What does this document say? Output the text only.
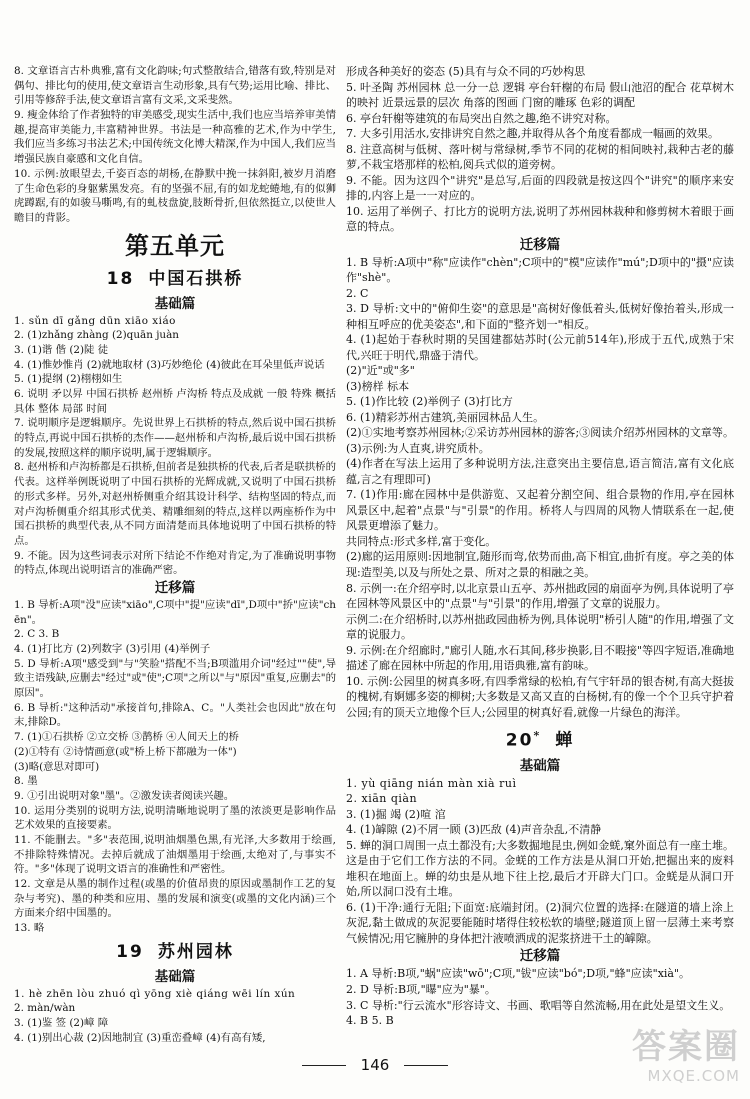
8. 文章语言古朴典雅,富有文化韵味;句式整散结合,错落有致,特别是对偶句、排比句的使用,使文章语言生动形象,具有气势;运用比喻、排比、引用等修辞手法,使文章语言富有文采,文采斐然。

9. 瘦金体给了作者独特的审美感受,现实生活中,我们也应当培养审美情趣,提高审美能力,丰富精神世界。书法是一种高雅的艺术,作为中学生,我们应当多练习书法艺术;中国传统文化博大精深,作为中国人,我们应当增强民族自豪感和文化自信。

10. 示例:放眼望去,千姿百态的胡杨,在静默中挽一抹斜阳,被岁月消磨了生命色彩的身躯紫黑发亮。有的坚强不屈,有的如龙蛇蜷地,有的似狮虎蹲踞,有的如骏马嘶鸣,有的虬枝盘旋,肢断骨折,但依然挺立,以使世人瞻目的背影。

第五单元
18 中国石拱桥
基础篇

1. sǔn dī gǎng dūn xiāo xiáo

2. (1)zhǎng zhàng (2)quān juàn

3. (1)谐 偕 (2)陡 徒

4. (1)惟妙惟肖 (2)就地取材 (3)巧妙绝伦 (4)彼此在耳朵里低声说话

5. (1)提纲 (2)栩栩如生

6. 说明 矛以昇 中国石拱桥 赵州桥 卢沟桥 特点及成就 一般 特殊 概括 具体 整体 局部 时间

7. 说明顺序是逻辑顺序。先说世界上石拱桥的特点,然后说中国石拱桥的特点,再说中国石拱桥的杰作——赵州桥和卢沟桥,最后说中国石拱桥的发展,按照这样的顺序说明,属于逻辑顺序。

8. 赵州桥和卢沟桥都是石拱桥,但前者是独拱桥的代表,后者是联拱桥的代表。这样举例既说明了中国石拱桥的光辉成就,又说明了中国石拱桥的形式多样。另外,对赵州桥侧重介绍其设计科学、结构坚固的特点,而对卢沟桥侧重介绍其形式优美、精雕细刻的特点,这样以两座桥作为中国石拱桥的典型代表,从不同方面清楚而具体地说明了中国石拱桥的特点。

9. 不能。因为这些词表示对所下结论不作绝对肯定,为了准确说明事物的特点,体现出说明语言的准确严密。

迁移篇

1. B 导析:A项"没"应读"xiāo",C项中"提"应读"dī",D项中"挢"应读"chēn"。

2. C 3. B

4. (1)打比方 (2)列数字 (3)引用 (4)举例子

5. D 导析:A项"感受到"与"笑脸"搭配不当;B项滥用介词"经过""使",导致主语残缺,应删去"经过"或"使";C项"之所以"与"原因"重复,应删去"的原因"。

6. B 导析:"这种活动"承接首句,排除A、C。"人类社会也因此"放在句末,排除D。

7. (1)①石拱桥 ②立交桥 ③鹊桥 ④人间天上的桥

(2)①特有 ②诗情画意(或"桥上桥下都融为一体")

(3)略(意思对即可)

8. 墨

9. ①引出说明对象"墨"。②激发读者阅读兴趣。

10. 运用分类别的说明方法,说明清晰地说明了墨的浓淡更是影响作品艺术效果的直接要素。

11. 不能删去。"多"表范围,说明油烟墨色黑,有光泽,大多数用于绘画,不排除特殊情况。去掉后就成了油烟墨用于绘画,太绝对了,与事实不符。"多"体现了说明文语言的准确性和严密性。

12. 文章是从墨的制作过程(或墨的价值昂贵的原因或墨制作工艺的复杂与考究)、墨的种类和应用、墨的发展和演变(或墨的文化内涵)三个方面来介绍中国墨的。

13. 略

19 苏州园林
基础篇

1. hè zhēn lòu zhuó qì yōng xiè qiáng wēi lín xún

2. màn/wàn

3. (1)鉴 签 (2)嶂 障

4. (1)别出心裁 (2)因地制宜 (3)重峦叠嶂 (4)有高有矮,

形成各种美好的姿态 (5)具有与众不同的巧妙构思

5. 叶圣陶 苏州园林 总一分一总 逻辑 亭台轩榭的布局 假山池沼的配合 花草树木的映衬 近景远景的层次 角落的图画 门窗的雕琢 色彩的调配

6. 亭台轩榭等建筑的布局突出自然之趣,绝不讲究对称。

7. 大多引用活水,安排讲究自然之趣,并取得从各个角度看都成一幅画的效果。

8. 注意高树与低树、落叶树与常绿树,季节不同的花树的相间映衬,栽种古老的藤萝,不栽宝塔那样的松柏,阅兵式似的道旁树。

9. 不能。因为这四个"讲究"是总写,后面的四段就是按这四个"讲究"的顺序来安排的,内容上是一一对应的。

10. 运用了举例子、打比方的说明方法,说明了苏州园林栽种和修剪树木着眼于画意的特点。

迁移篇

1. B 导析:A项中"称"应读作"chèn";C项中的"模"应读作"mú";D项中的"摄"应读作"shè"。

2. C

3. D 导析:文中的"俯仰生姿"的意思是"高树好像低着头,低树好像抬着头,形成一种相互呼应的优美姿态",和下面的"整齐划一"相反。

4. (1)起始于春秋时期的吴国建都姑苏时(公元前514年),形成于五代,成熟于宋代,兴旺于明代,鼎盛于清代。

(2)"近"或"多"

(3)榜样 标本

5. (1)作比较 (2)举例子 (3)打比方

6. (1)精彩苏州古建筑,美丽园林品人生。

(2)①实地考察苏州园林;②采访苏州园林的游客;③阅读介绍苏州园林的文章等。(3)示例:为人直爽,讲究质朴。

(4)作者在写法上运用了多种说明方法,注意突出主要信息,语言简洁,富有文化底蕴,言之有理即可)

7. (1)作用:廊在园林中是供游览、又起着分割空间、组合景物的作用,亭在园林风景区中,起着"点景"与"引景"的作用。桥将人与四周的风物人情联系在一起,使风景更增添了魅力。

共同特点:形式多样,富于变化。

(2)廊的运用原则:因地制宜,随形而弯,依势而曲,高下相宜,曲折有度。亭之美的体现:造型美,以及与所处之景、所对之景的相融之美。

8. 示例一:在介绍亭时,以北京景山五亭、苏州拙政园的扇面亭为例,具体说明了亭在园林等风景区中的"点景"与"引景"的作用,增强了文章的说服力。

示例二:在介绍桥时,以苏州拙政园曲桥为例,具体说明"桥引人随"的作用,增强了文章的说服力。

9. 示例:在介绍廊时,"廊引人随,水石其间,移步换影,目不暇接"等四字短语,准确地描述了廊在园林中所起的作用,用语典雅,富有韵味。

10. 示例:公园里的树真多呀,有四季常绿的松柏,有气宇轩昂的银杏树,有高大挺拔的槐树,有婀娜多姿的柳树;大多数是又高又直的白杨树,有的像一个个卫兵守护着公园;有的顶天立地像个巨人;公园里的树真好看,就像一片绿色的海洋。

20* 蝉
基础篇

1. yù qiāng nián màn xià ruì

2. xiān qiàn

3. (1)掘 竭 (2)喧 涫

4. (1)罅隙 (2)不屑一顾 (3)匹敌 (4)声音杂乱,不清静

5. 蝉的洞口周围一点土都没有;大多数掘地昆虫,例如金蜣,窠外面总有一座土堆。这是由于它们工作方法的不同。金蜣的工作方法是从洞口开始,把掘出来的废料堆积在地面上。蝉的幼虫是从地下往上挖,最后才开辟大门口。金蜣是从洞口开始,所以洞口没有土堆。

6. (1)干净:通行无阻;下面宽:底端封闭。(2)洞穴位置的选择:在隧道的墙上涂上灰泥,黏土做成的灰泥要能随时堵得住较松软的墙壁;隧道顶上留一层薄土来考察气候情况;用它臃肿的身体把汁液喷洒成的泥浆挤进干土的罅隙。

迁移篇

1. A 导析:B项,"蜗"应读"wō";C项,"钹"应读"bó";D项,"蜂"应读"xià"。

2. D 导析:B项,"曝"应为"暴"。

3. C 导析:"行云流水"形容诗文、书画、歌唱等自然流畅,用在此处是望文生义。

4. B 5. B

146	答案圈
MXQE.COM
